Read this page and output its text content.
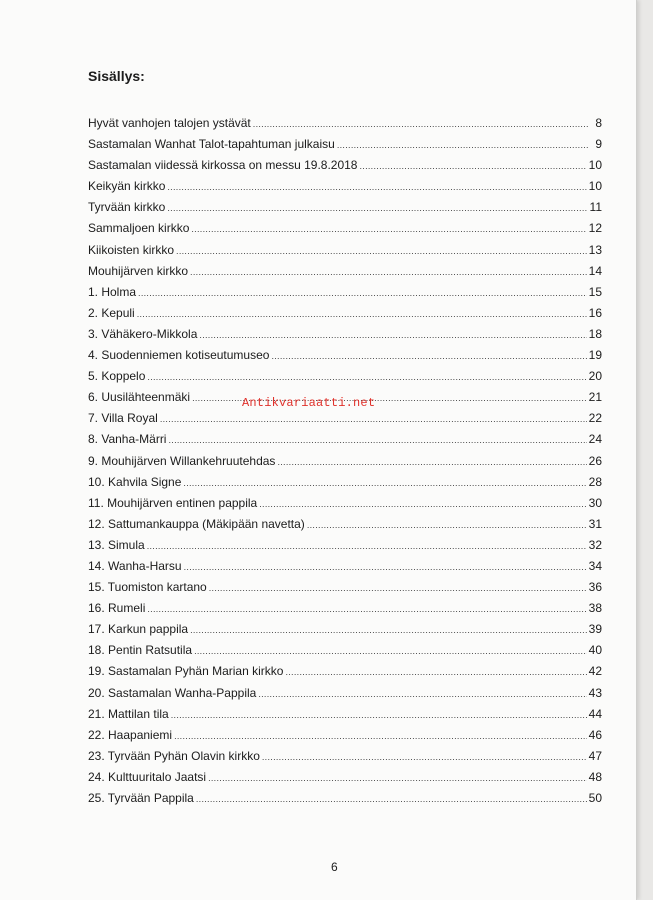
Sisällys:
Hyvät vanhojen talojen ystävät .....	8
Sastamalan Wanhat Talot-tapahtuman julkaisu .....	9
Sastamalan viidessä kirkossa on messu 19.8.2018 .....	10
Keikyän kirkko .....	10
Tyrvään kirkko .....	11
Sammaljoen kirkko .....	12
Kiikoisten kirkko .....	13
Mouhijärven kirkko .....	14
1. Holma .....	15
2. Kepuli .....	16
3. Vähäkero-Mikkola .....	18
4. Suodenniemen kotiseutumuseo .....	19
5. Koppelo .....	20
6. Uusilähteenmäki .....	21
7. Villa Royal .....	22
8. Vanha-Märri .....	24
9. Mouhijärven Willankehruutehdas .....	26
10. Kahvila Signe .....	28
11. Mouhijärven entinen pappila .....	30
12. Sattumankauppa (Mäkipään navetta) .....	31
13. Simula .....	32
14. Wanha-Harsu .....	34
15. Tuomiston kartano .....	36
16. Rumeli .....	38
17. Karkun pappila .....	39
18. Pentin Ratsutila .....	40
19. Sastamalan Pyhän Marian kirkko .....	42
20. Sastamalan Wanha-Pappila .....	43
21. Mattilan tila .....	44
22. Haapaniemi .....	46
23. Tyrvään Pyhän Olavin kirkko .....	47
24. Kulttuuritalo Jaatsi .....	48
25. Tyrvään Pappila .....	50
Antikvariaatti.net
6
